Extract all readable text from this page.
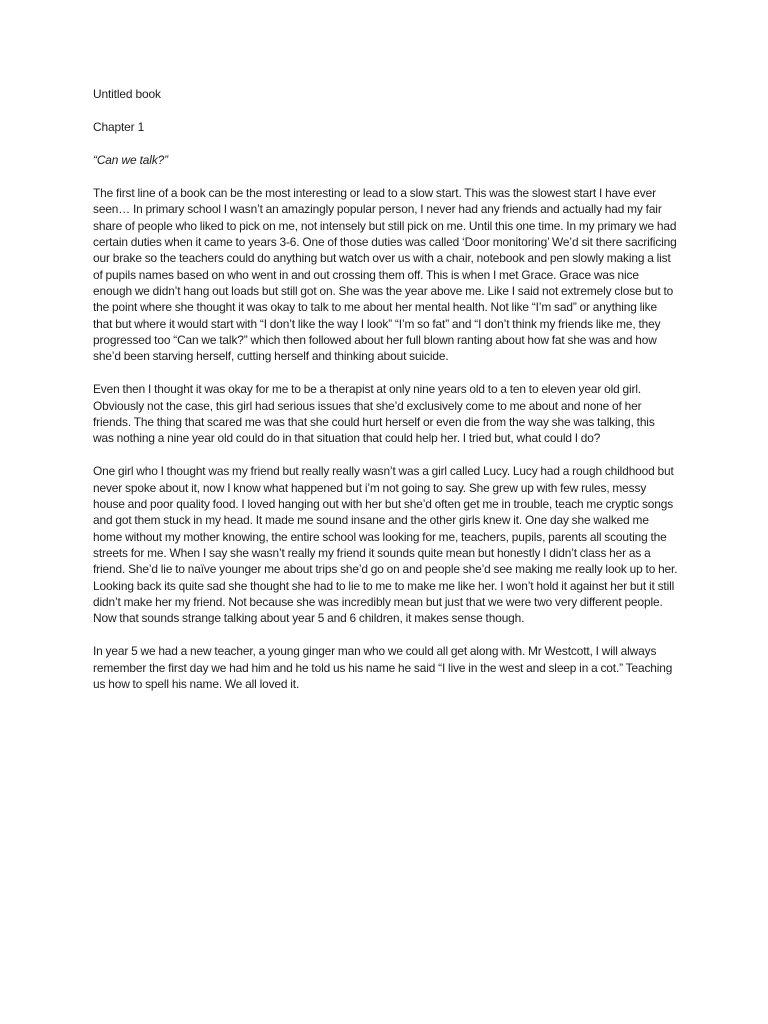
Untitled book

Chapter 1

“Can we talk?”

The first line of a book can be the most interesting or lead to a slow start. This was the slowest start I have ever seen… In primary school I wasn’t an amazingly popular person, I never had any friends and actually had my fair share of people who liked to pick on me, not intensely but still pick on me. Until this one time. In my primary we had certain duties when it came to years 3-6. One of those duties was called ‘Door monitoring’ We’d sit there sacrificing our brake so the teachers could do anything but watch over us with a chair, notebook and pen slowly making a list of pupils names based on who went in and out crossing them off. This is when I met Grace. Grace was nice enough we didn’t hang out loads but still got on. She was the year above me. Like I said not extremely close but to the point where she thought it was okay to talk to me about her mental health. Not like “I’m sad” or anything like that but where it would start with “I don’t like the way I look” “I’m so fat” and “I don’t think my friends like me, they progressed too “Can we talk?” which then followed about her full blown ranting about how fat she was and how she’d been starving herself, cutting herself and thinking about suicide.

Even then I thought it was okay for me to be a therapist at only nine years old to a ten to eleven year old girl. Obviously not the case, this girl had serious issues that she’d exclusively come to me about and none of her friends. The thing that scared me was that she could hurt herself or even die from the way she was talking, this was nothing a nine year old could do in that situation that could help her. I tried but, what could I do?

One girl who I thought was my friend but really really wasn’t was a girl called Lucy. Lucy had a rough childhood but never spoke about it, now I know what happened but i’m not going to say. She grew up with few rules, messy house and poor quality food. I loved hanging out with her but she’d often get me in trouble, teach me cryptic songs and got them stuck in my head. It made me sound insane and the other girls knew it. One day she walked me home without my mother knowing, the entire school was looking for me, teachers, pupils, parents all scouting the streets for me. When I say she wasn’t really my friend it sounds quite mean but honestly I didn’t class her as a friend. She’d lie to naïve younger me about trips she’d go on and people she’d see making me really look up to her. Looking back its quite sad she thought she had to lie to me to make me like her. I won’t hold it against her but it still didn’t make her my friend. Not because she was incredibly mean but just that we were two very different people. Now that sounds strange talking about year 5 and 6 children, it makes sense though.

In year 5 we had a new teacher, a young ginger man who we could all get along with. Mr Westcott, I will always remember the first day we had him and he told us his name he said “I live in the west and sleep in a cot.” Teaching us how to spell his name. We all loved it.
